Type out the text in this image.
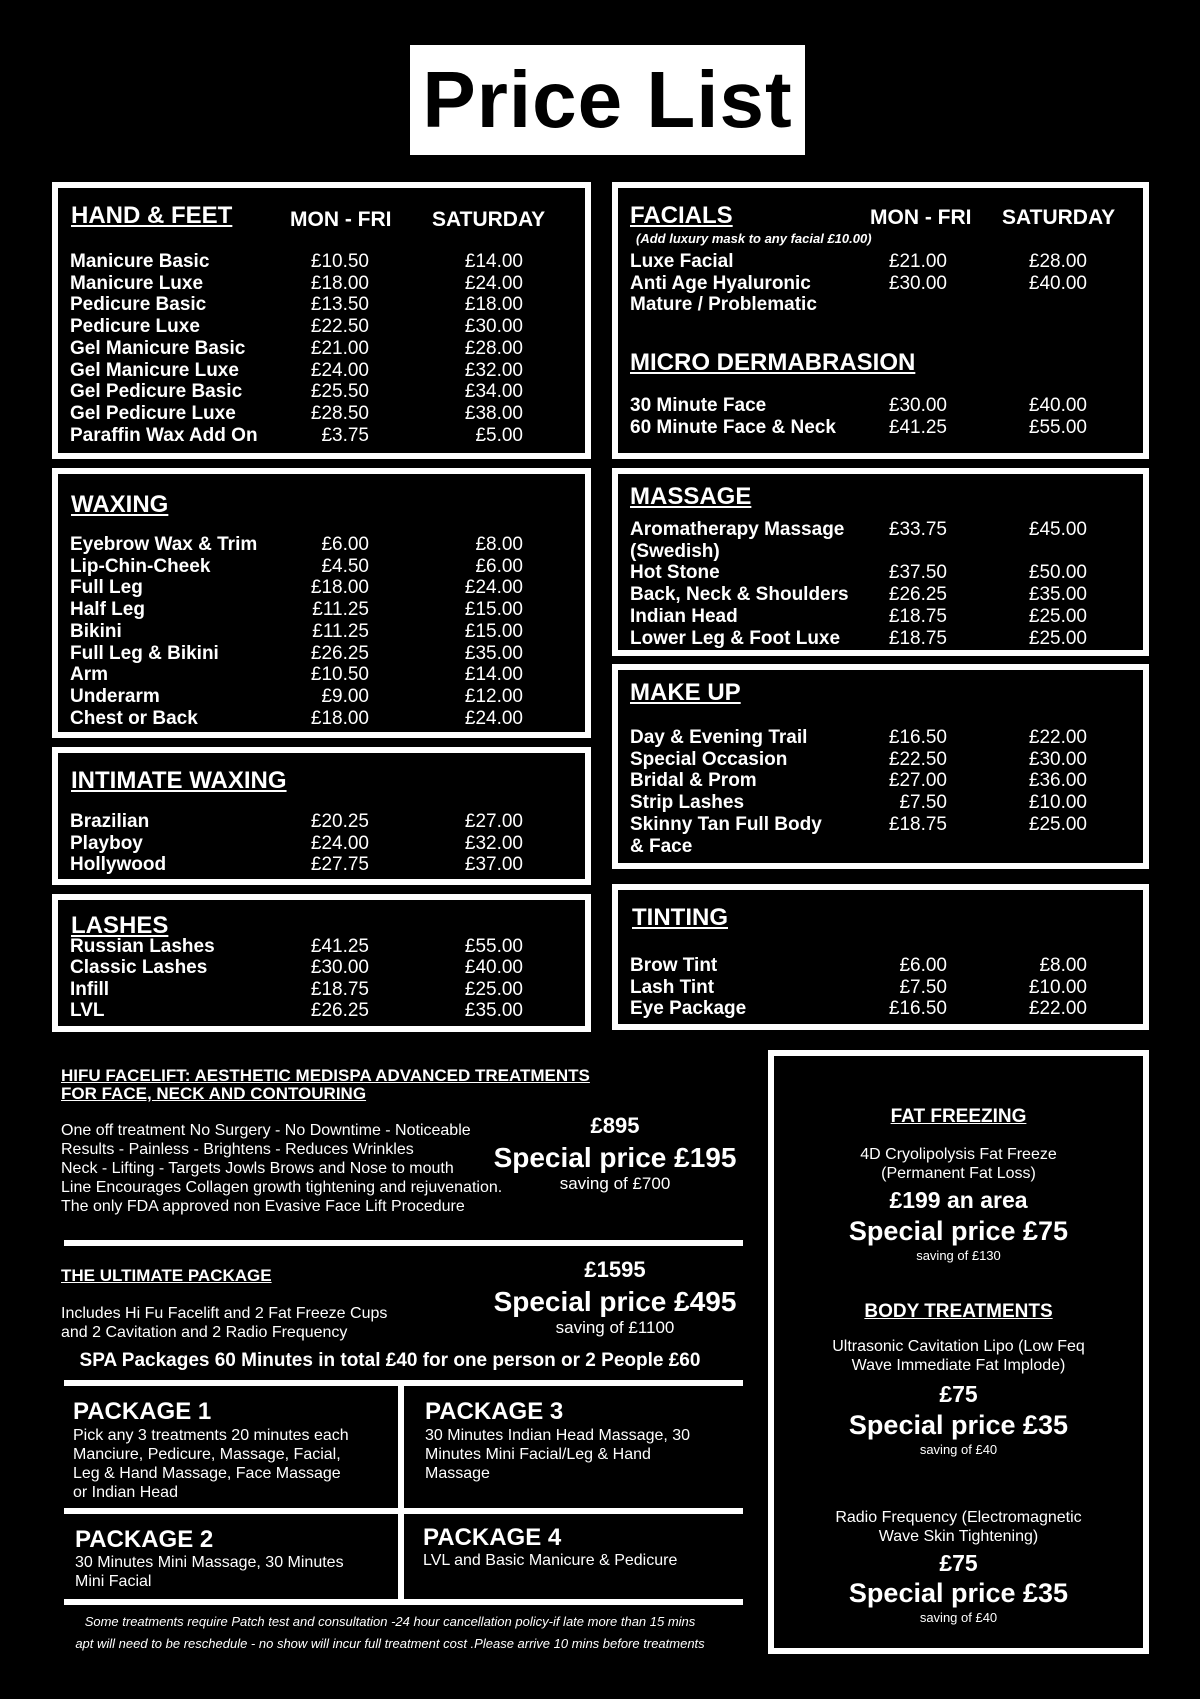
Price List
HAND & FEET	MON - FRI SATURDAY
Manicure Basic	£10.50	£14.00
Manicure Luxe	£18.00	£24.00
Pedicure Basic	£13.50	£18.00
Pedicure Luxe	£22.50	£30.00
Gel Manicure Basic	£21.00	£28.00
Gel Manicure Luxe	£24.00	£32.00
Gel Pedicure Basic	£25.50	£34.00
Gel Pedicure Luxe	£28.50	£38.00
Paraffin Wax Add On	£3.75	£5.00
WAXING
Eyebrow Wax & Trim	£6.00	£8.00
Lip-Chin-Cheek	£4.50	£6.00
Full Leg	£18.00	£24.00
Half Leg	£11.25	£15.00
Bikini	£11.25	£15.00
Full Leg & Bikini	£26.25	£35.00
Arm	£10.50	£14.00
Underarm	£9.00	£12.00
Chest or Back	£18.00	£24.00
INTIMATE WAXING
Brazilian	£20.25	£27.00
Playboy	£24.00	£32.00
Hollywood	£27.75	£37.00
LASHES
Russian Lashes	£41.25	£55.00
Classic Lashes	£30.00	£40.00
Infill	£18.75	£25.00
LVL	£26.25	£35.00
FACIALS	MON - FRI SATURDAY
(Add luxury mask to any facial £10.00)
MICRO DERMABRASION
Luxe Facial	£21.00	£28.00
Anti Age Hyaluronic	£30.00	£40.00
Mature / Problematic
30 Minute Face	£30.00	£40.00
60 Minute Face & Neck	£41.25	£55.00
MASSAGE
Aromatherapy Massage £33.75	£45.00
(Swedish)
Hot Stone	£37.50	£50.00
Back, Neck & Shoulders £26.25	£35.00
Indian Head	£18.75	£25.00
Lower Leg & Foot Luxe	£18.75	£25.00
MAKE UP
Day & Evening Trail	£16.50	£22.00
Special Occasion	£22.50	£30.00
Bridal & Prom	£27.00	£36.00
Strip Lashes	£7.50	£10.00
Skinny Tan Full Body	£18.75	£25.00
& Face
TINTING
Brow Tint	£6.00	£8.00
Lash Tint	£7.50	£10.00
Eye Package	£16.50	£22.00
HIFU FACELIFT: AESTHETIC MEDISPA ADVANCED TREATMENTS
FOR FACE, NECK AND CONTOURING
One off treatment No Surgery - No Downtime - Noticeable
Results - Painless - Brightens - Reduces Wrinkles
Neck - Lifting - Targets Jowls Brows and Nose to mouth
Line Encourages Collagen growth tightening and rejuvenation.
The only FDA approved non Evasive Face Lift Procedure
£895
Special price £195
saving of £700
THE ULTIMATE PACKAGE
Includes Hi Fu Facelift and 2 Fat Freeze Cups
and 2 Cavitation and 2 Radio Frequency
£1595
Special price £495
saving of £1100
SPA Packages 60 Minutes in total £40 for one person or 2 People £60
PACKAGE 1
Pick any 3 treatments 20 minutes each
Manciure, Pedicure, Massage, Facial,
Leg & Hand Massage, Face Massage
or Indian Head
PACKAGE 3
30 Minutes Indian Head Massage, 30
Minutes Mini Facial/Leg & Hand
Massage
PACKAGE 2
30 Minutes Mini Massage, 30 Minutes
Mini Facial
PACKAGE 4
LVL and Basic Manicure & Pedicure
Some treatments require Patch test and consultation -24 hour cancellation policy-if late more than 15 mins
apt will need to be reschedule - no show will incur full treatment cost .Please arrive 10 mins before treatments
FAT FREEZING
4D Cryolipolysis Fat Freeze
(Permanent Fat Loss)
£199 an area
Special price £75
saving of £130
BODY TREATMENTS
Ultrasonic Cavitation Lipo (Low Feq
Wave Immediate Fat Implode)
£75
Special price £35
saving of £40
Radio Frequency (Electromagnetic
Wave Skin Tightening)
£75
Special price £35
saving of £40
